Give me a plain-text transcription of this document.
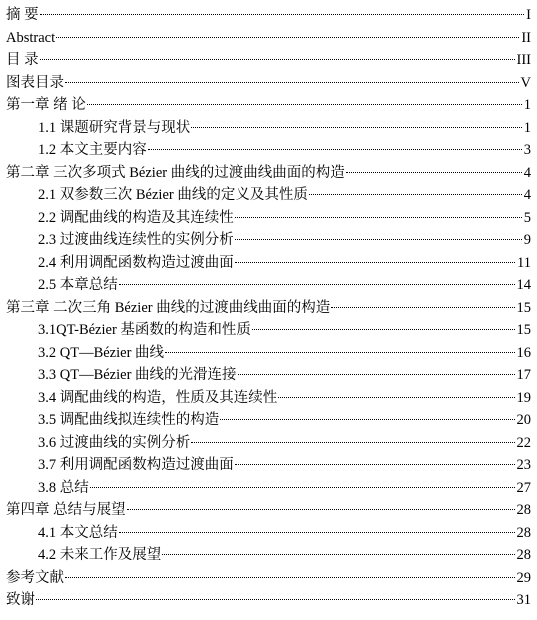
摘 要	I
Abstract	II
目 录	III
图表目录	V
第一章 绪 论	1
1.1 课题研究背景与现状	1
1.2 本文主要内容	3
第二章 三次多项式 Bézier 曲线的过渡曲线曲面的构造	4
2.1 双参数三次 Bézier 曲线的定义及其性质	4
2.2 调配曲线的构造及其连续性	5
2.3 过渡曲线连续性的实例分析	9
2.4 利用调配函数构造过渡曲面	11
2.5 本章总结	14
第三章 二次三角 Bézier 曲线的过渡曲线曲面的构造	15
3.1QT-Bézier 基函数的构造和性质	15
3.2 QT—Bézier 曲线	16
3.3 QT—Bézier 曲线的光滑连接	17
3.4 调配曲线的构造，性质及其连续性	19
3.5 调配曲线拟连续性的构造	20
3.6 过渡曲线的实例分析	22
3.7 利用调配函数构造过渡曲面	23
3.8 总结	27
第四章 总结与展望	28
4.1 本文总结	28
4.2 未来工作及展望	28
参考文献	29
致谢	31
